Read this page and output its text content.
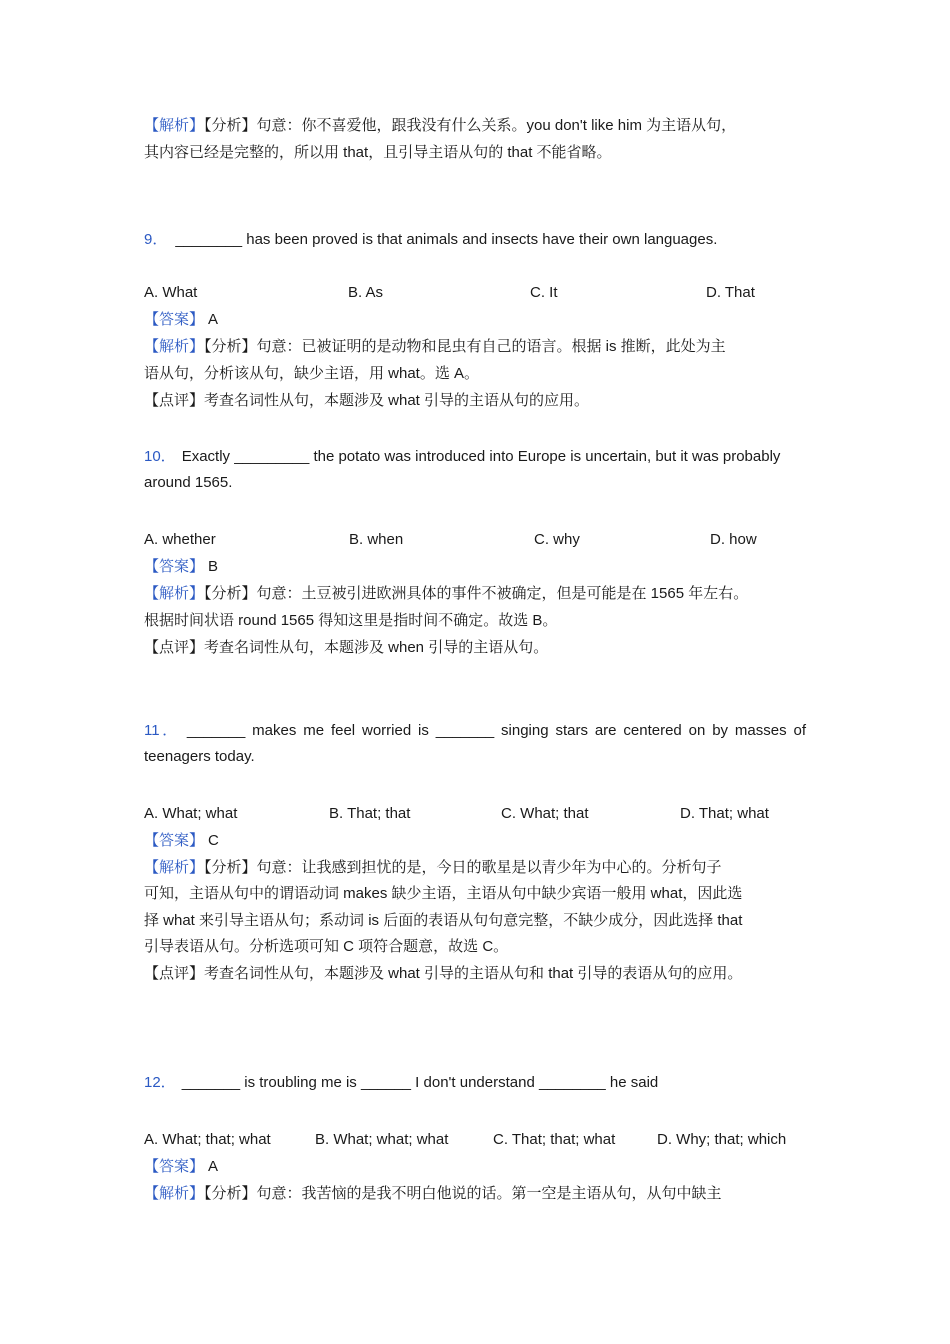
【解析】【分析】句意：你不喜爱他，跟我没有什么关系。you don't like him 为主语从句，
其内容已经是完整的，所以用 that，且引导主语从句的 that 不能省略。
9． ________ has been proved is that animals and insects have their own languages.
A. What	B. As	C. It	D. That
【答案】 A
【解析】【分析】句意：已被证明的是动物和昆虫有自己的语言。根据 is 推断，此处为主
语从句，分析该从句，缺少主语，用 what。选 A。
【点评】考查名词性从句，本题涉及 what 引导的主语从句的应用。
10． Exactly _________ the potato was introduced into Europe is uncertain, but it was probably
around 1565.
A. whether	B. when	C. why	D. how
【答案】 B
【解析】【分析】句意：土豆被引进欧洲具体的事件不被确定，但是可能是在 1565 年左右。
根据时间状语 round 1565 得知这里是指时间不确定。故选 B。
【点评】考查名词性从句，本题涉及 when 引导的主语从句。
11． _______ makes me feel worried is _______ singing stars are centered on by masses of
teenagers today.
A. What; what	B. That; that	C. What; that	D. That; what
【答案】 C
【解析】【分析】句意：让我感到担忧的是，今日的歌星是以青少年为中心的。分析句子
可知，主语从句中的谓语动词 makes 缺少主语，主语从句中缺少宾语一般用 what，因此选
择 what 来引导主语从句；系动词 is 后面的表语从句句意完整，不缺少成分，因此选择 that
引导表语从句。分析选项可知 C 项符合题意，故选 C。
【点评】考查名词性从句，本题涉及 what 引导的主语从句和 that 引导的表语从句的应用。
12． _______ is troubling me is ______ I don't understand ________ he said
A. What; that; what	B. What; what; what	C. That; that; what	D. Why; that; which
【答案】 A
【解析】【分析】句意：我苦恼的是我不明白他说的话。第一空是主语从句，从句中缺主
